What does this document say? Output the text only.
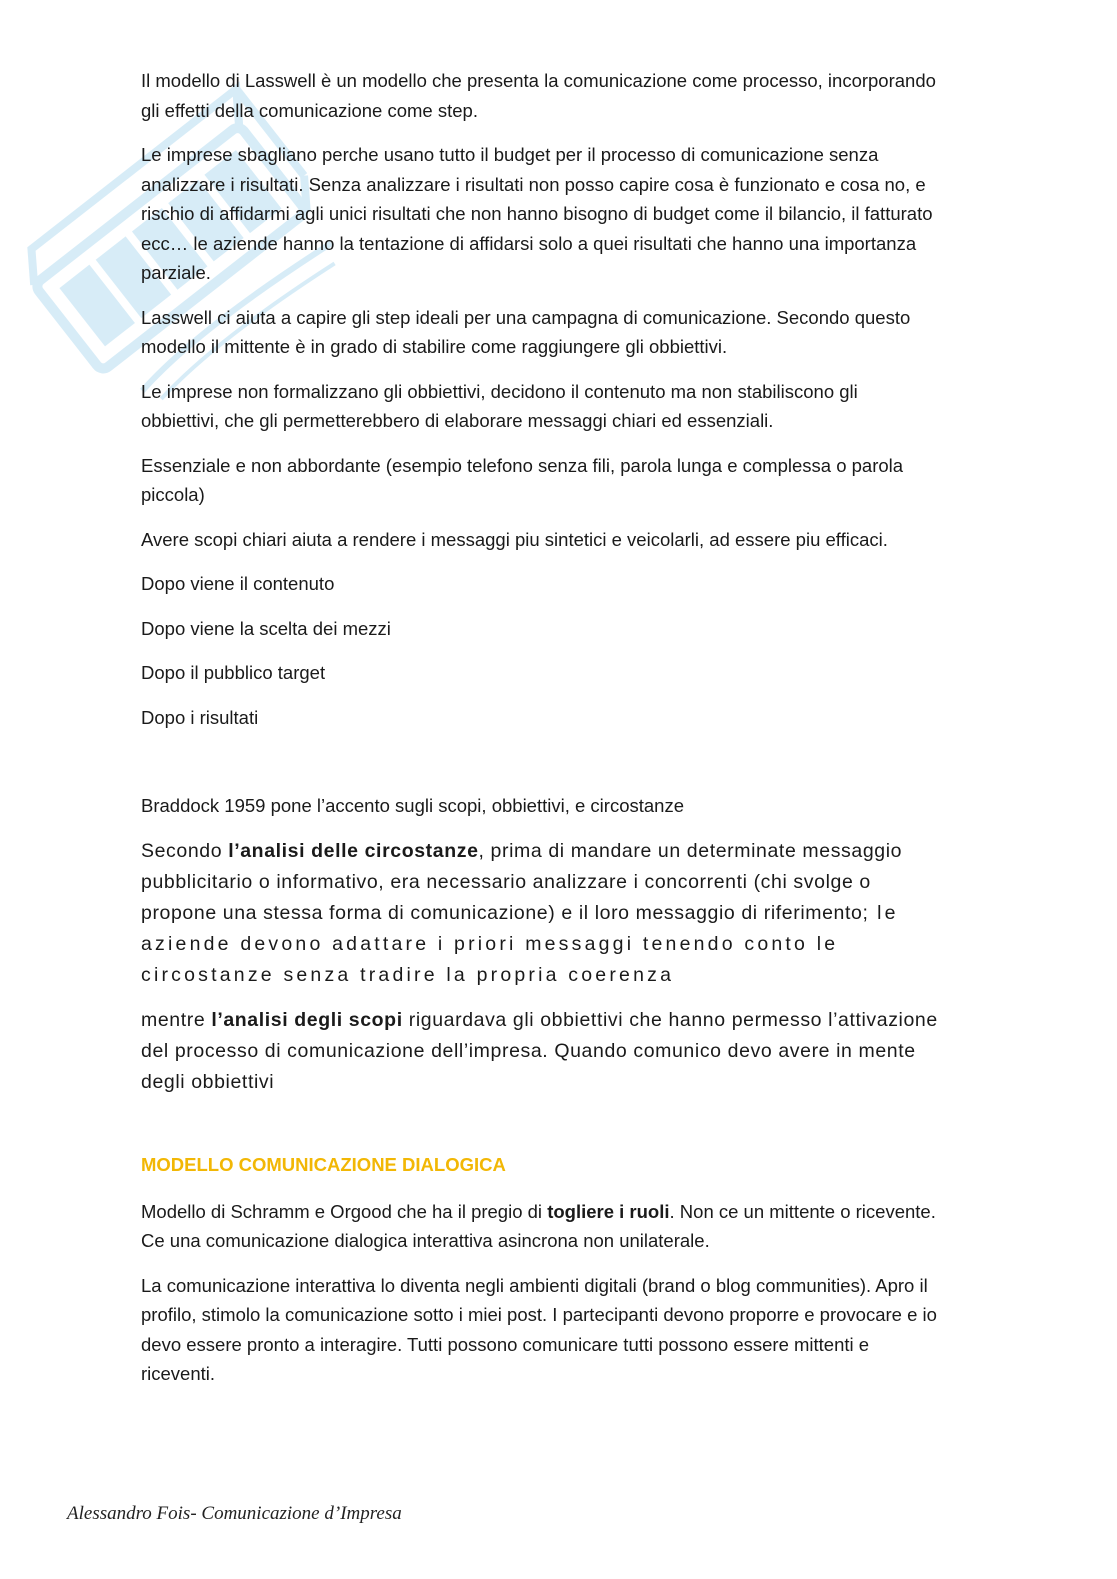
Il modello di Lasswell è un modello che presenta la comunicazione come processo, incorporando gli effetti della comunicazione come step.

Le imprese sbagliano perche usano tutto il budget per il processo di comunicazione senza analizzare i risultati. Senza analizzare i risultati non posso capire cosa è funzionato e cosa no, e rischio di affidarmi agli unici risultati che non hanno bisogno di budget come il bilancio, il fatturato ecc… le aziende hanno la tentazione di affidarsi solo a quei risultati che hanno una importanza parziale.

Lasswell ci aiuta a capire gli step ideali per una campagna di comunicazione. Secondo questo modello il mittente è in grado di stabilire come raggiungere gli obbiettivi.

Le imprese non formalizzano gli obbiettivi, decidono il contenuto ma non stabiliscono gli obbiettivi, che gli permetterebbero di elaborare messaggi chiari ed essenziali.

Essenziale e non abbordante (esempio telefono senza fili, parola lunga e complessa o parola piccola)

Avere scopi chiari aiuta a rendere i messaggi piu sintetici e veicolarli, ad essere piu efficaci.

Dopo viene il contenuto

Dopo viene la scelta dei mezzi

Dopo il pubblico target

Dopo i risultati

Braddock 1959 pone l’accento sugli scopi, obbiettivi, e circostanze

Secondo l’analisi delle circostanze, prima di mandare un determinate messaggio pubblicitario o informativo, era necessario analizzare i concorrenti (chi svolge o propone una stessa forma di comunicazione) e il loro messaggio di riferimento; le aziende devono adattare i priori messaggi tenendo conto le circostanze senza tradire la propria coerenza

mentre l’analisi degli scopi riguardava gli obbiettivi che hanno permesso l’attivazione del processo di comunicazione dell’impresa. Quando comunico devo avere in mente degli obbiettivi

MODELLO COMUNICAZIONE DIALOGICA

Modello di Schramm e Orgood che ha il pregio di togliere i ruoli. Non ce un mittente o ricevente. Ce una comunicazione dialogica interattiva asincrona non unilaterale.

La comunicazione interattiva lo diventa negli ambienti digitali (brand o blog communities). Apro il profilo, stimolo la comunicazione sotto i miei post. I partecipanti devono proporre e provocare e io devo essere pronto a interagire. Tutti possono comunicare tutti possono essere mittenti e riceventi.

Alessandro Fois- Comunicazione d’Impresa
